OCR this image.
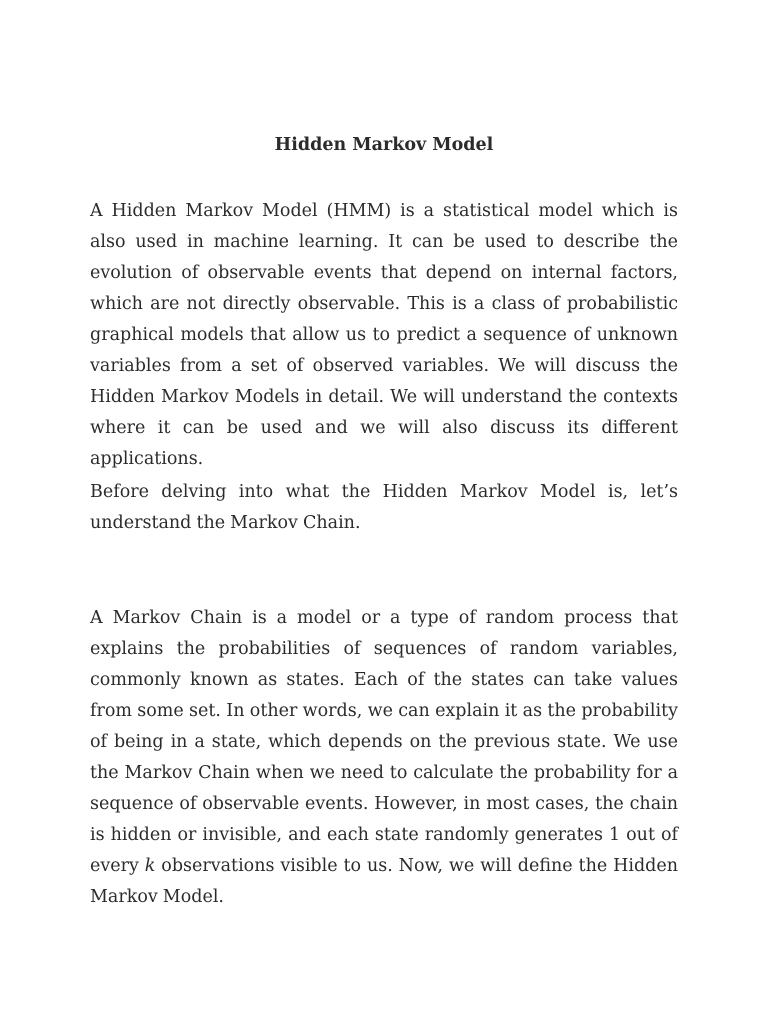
Hidden Markov Model

A Hidden Markov Model (HMM) is a statistical model which is also used in machine learning. It can be used to describe the evolution of observable events that depend on internal factors, which are not directly observable. This is a class of probabilistic graphical models that allow us to predict a sequence of unknown variables from a set of observed variables. We will discuss the Hidden Markov Models in detail. We will understand the contexts where it can be used and we will also discuss its different applications.

Before delving into what the Hidden Markov Model is, let’s understand the Markov Chain.

A Markov Chain is a model or a type of random process that explains the probabilities of sequences of random variables, commonly known as states. Each of the states can take values from some set. In other words, we can explain it as the probability of being in a state, which depends on the previous state. We use the Markov Chain when we need to calculate the probability for a sequence of observable events. However, in most cases, the chain is hidden or invisible, and each state randomly generates 1 out of every k observations visible to us. Now, we will define the Hidden Markov Model.
